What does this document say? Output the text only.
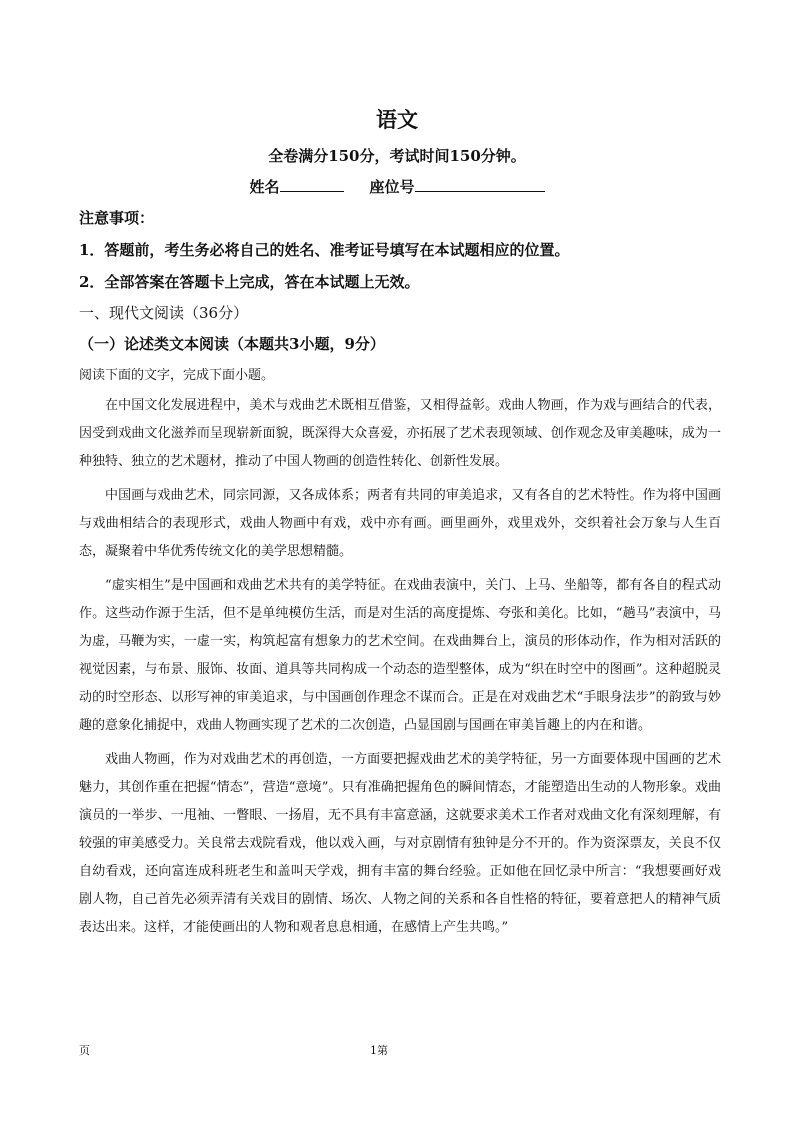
语文
全卷满分150分，考试时间150分钟。
姓名	座位号
注意事项：
1．答题前，考生务必将自己的姓名、准考证号填写在本试题相应的位置。
2．全部答案在答题卡上完成，答在本试题上无效。
一、现代文阅读（36分）
（一）论述类文本阅读（本题共3小题，9分）
阅读下面的文字，完成下面小题。

在中国文化发展进程中，美术与戏曲艺术既相互借鉴，又相得益彰。戏曲人物画，作为戏与画结合的代表，因受到戏曲文化滋养而呈现崭新面貌，既深得大众喜爱，亦拓展了艺术表现领域、创作观念及审美趣味，成为一种独特、独立的艺术题材，推动了中国人物画的创造性转化、创新性发展。

中国画与戏曲艺术，同宗同源，又各成体系；两者有共同的审美追求，又有各自的艺术特性。作为将中国画与戏曲相结合的表现形式，戏曲人物画中有戏，戏中亦有画。画里画外，戏里戏外，交织着社会万象与人生百态，凝聚着中华优秀传统文化的美学思想精髓。

“虚实相生”是中国画和戏曲艺术共有的美学特征。在戏曲表演中，关门、上马、坐船等，都有各自的程式动作。这些动作源于生活，但不是单纯模仿生活，而是对生活的高度提炼、夸张和美化。比如，“趟马”表演中，马为虚，马鞭为实，一虚一实，构筑起富有想象力的艺术空间。在戏曲舞台上，演员的形体动作，作为相对活跃的视觉因素，与布景、服饰、妆面、道具等共同构成一个动态的造型整体，成为“织在时空中的图画”。这种超脱灵动的时空形态、以形写神的审美追求，与中国画创作理念不谋而合。正是在对戏曲艺术“手眼身法步”的韵致与妙趣的意象化捕捉中，戏曲人物画实现了艺术的二次创造，凸显国剧与国画在审美旨趣上的内在和谐。

戏曲人物画，作为对戏曲艺术的再创造，一方面要把握戏曲艺术的美学特征，另一方面要体现中国画的艺术魅力，其创作重在把握“情态”，营造“意境”。只有准确把握角色的瞬间情态，才能塑造出生动的人物形象。戏曲演员的一举步、一甩袖、一瞥眼、一扬眉，无不具有丰富意涵，这就要求美术工作者对戏曲文化有深刻理解，有较强的审美感受力。关良常去戏院看戏，他以戏入画，与对京剧情有独钟是分不开的。作为资深票友，关良不仅自幼看戏，还向富连成科班老生和盖叫天学戏，拥有丰富的舞台经验。正如他在回忆录中所言：“我想要画好戏剧人物，自己首先必须弄清有关戏目的剧情、场次、人物之间的关系和各自性格的特征，要着意把人的精神气质表达出来。这样，才能使画出的人物和观者息息相通，在感情上产生共鸣。”

页	1第
